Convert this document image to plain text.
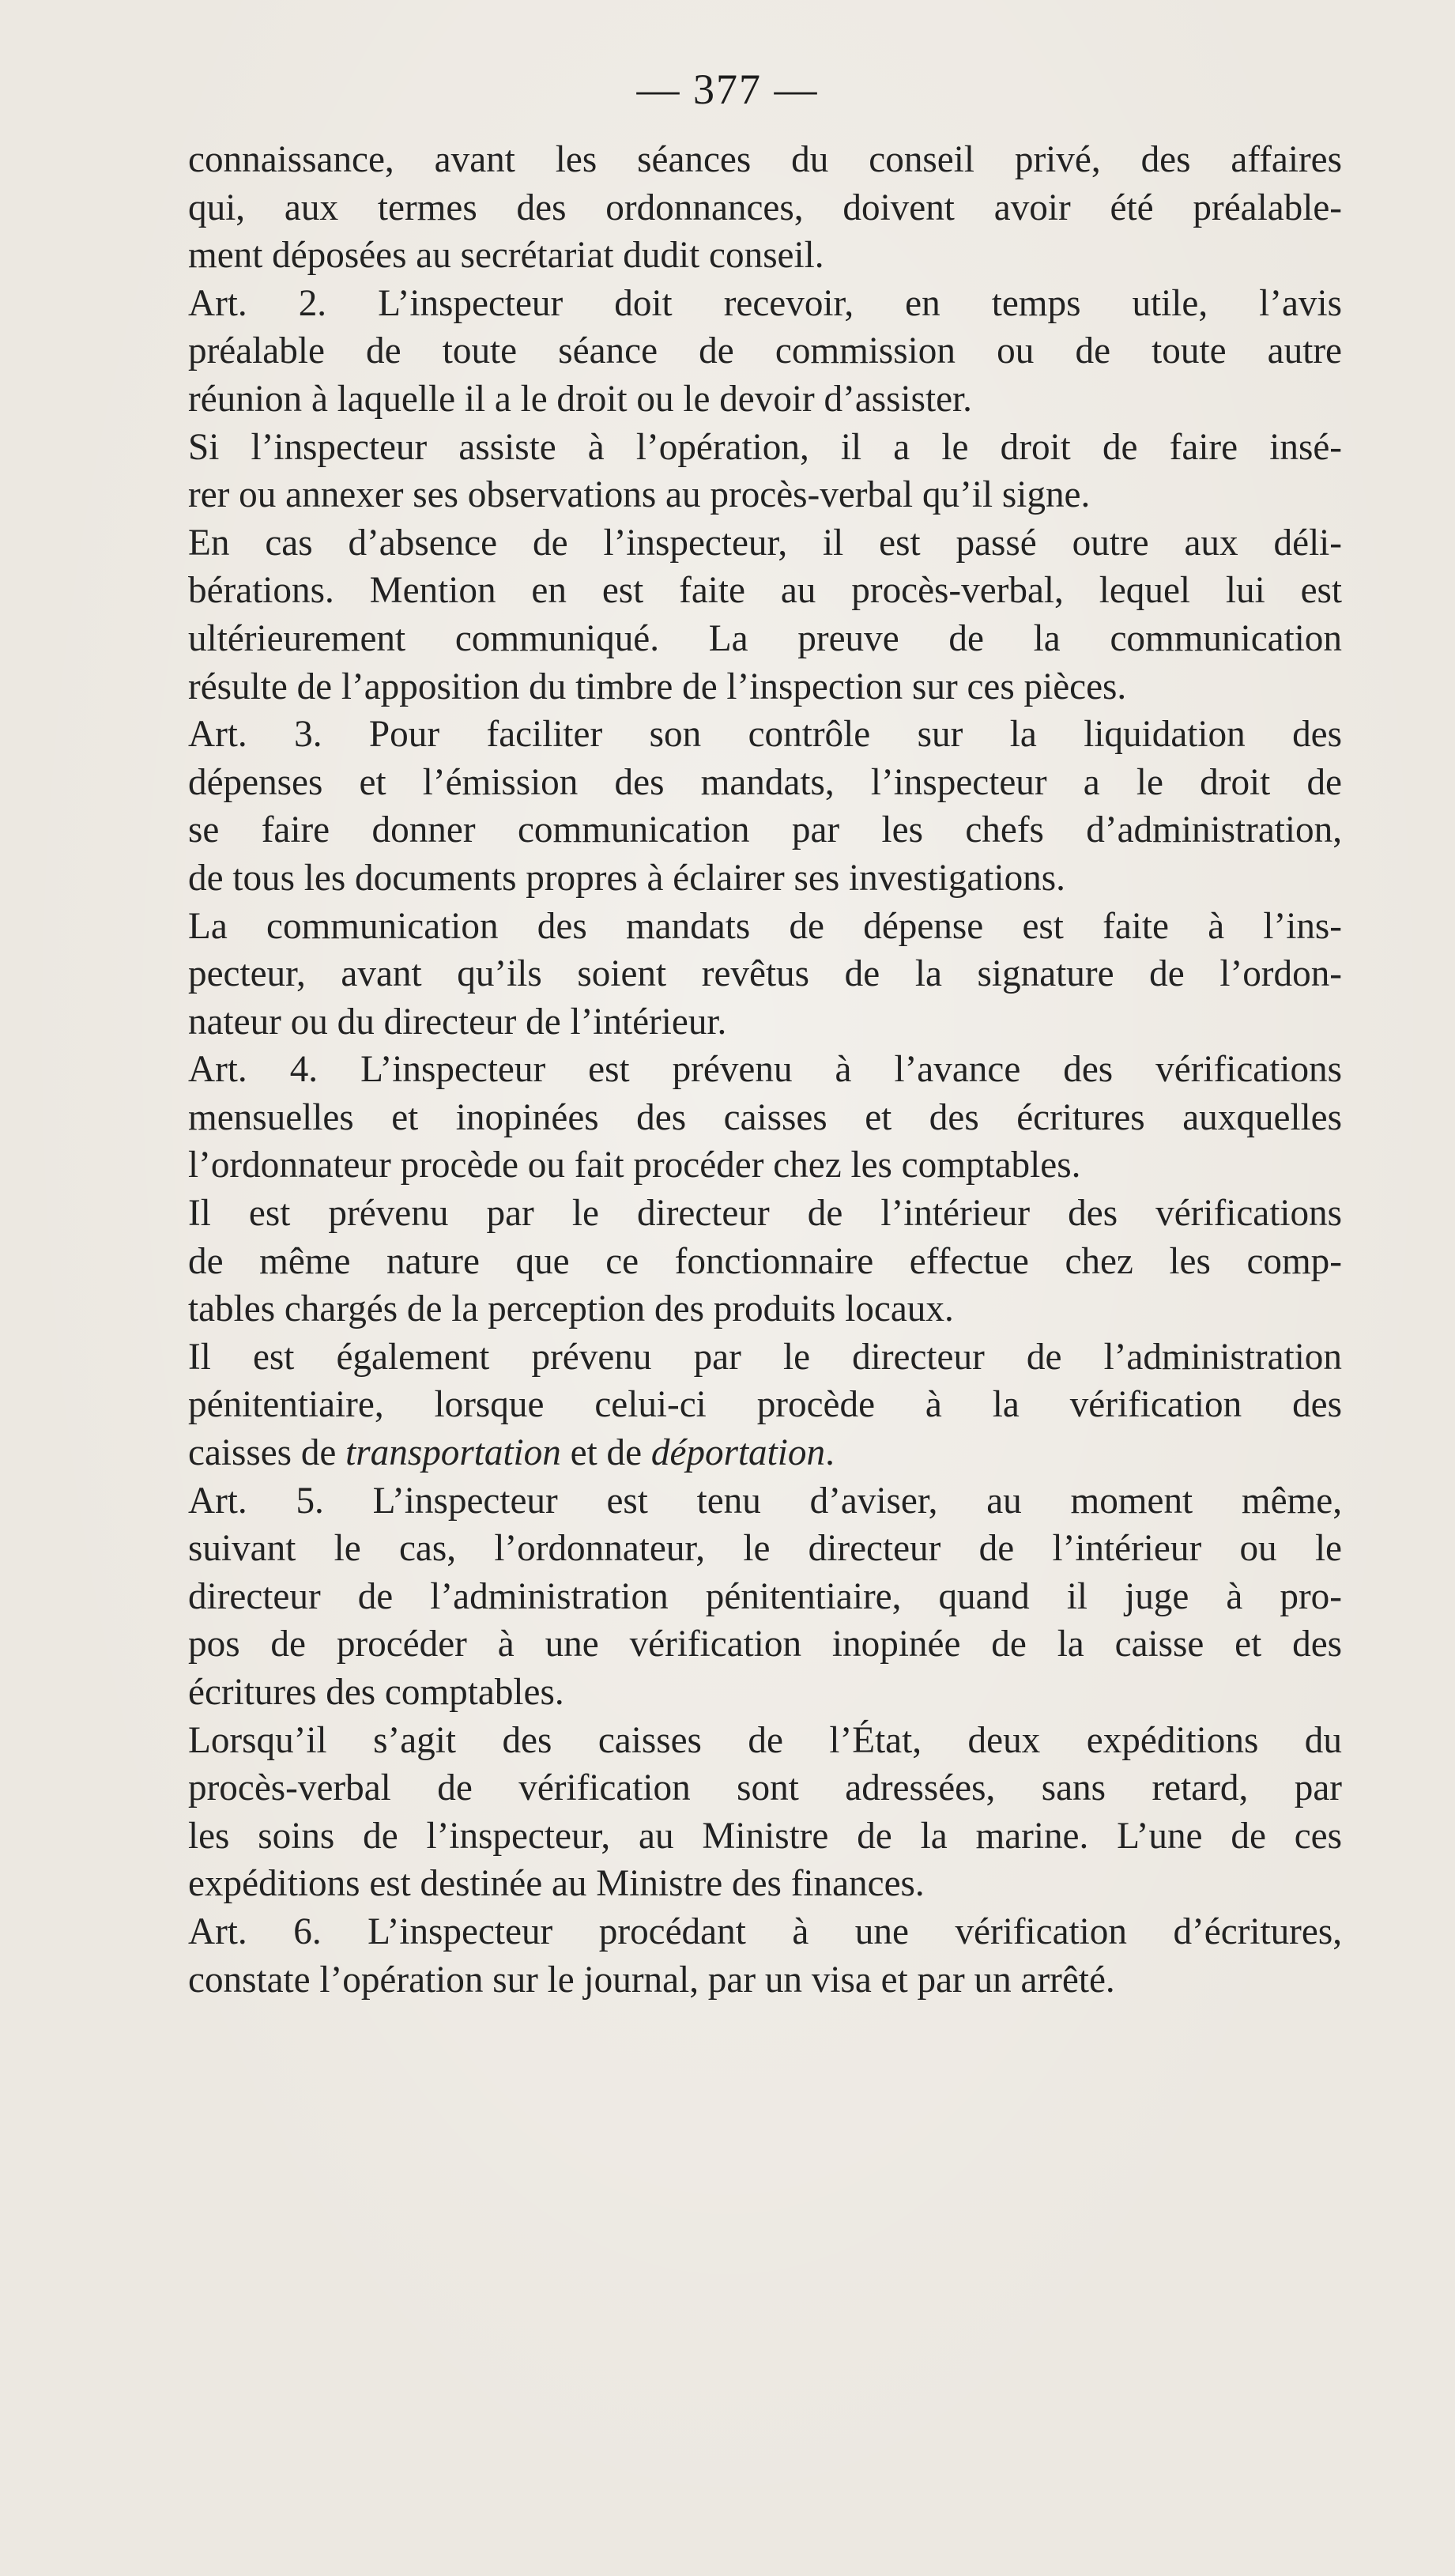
— 377 —
connaissance, avant les séances du conseil privé, des affaires
qui, aux termes des ordonnances, doivent avoir été préalable-
ment déposées au secrétariat dudit conseil.
Art. 2. L’inspecteur doit recevoir, en temps utile, l’avis
préalable de toute séance de commission ou de toute autre
réunion à laquelle il a le droit ou le devoir d’assister.
Si l’inspecteur assiste à l’opération, il a le droit de faire insé-
rer ou annexer ses observations au procès-verbal qu’il signe.
En cas d’absence de l’inspecteur, il est passé outre aux déli-
bérations. Mention en est faite au procès-verbal, lequel lui est
ultérieurement communiqué. La preuve de la communication
résulte de l’apposition du timbre de l’inspection sur ces pièces.
Art. 3. Pour faciliter son contrôle sur la liquidation des
dépenses et l’émission des mandats, l’inspecteur a le droit de
se faire donner communication par les chefs d’administration,
de tous les documents propres à éclairer ses investigations.
La communication des mandats de dépense est faite à l’ins-
pecteur, avant qu’ils soient revêtus de la signature de l’ordon-
nateur ou du directeur de l’intérieur.
Art. 4. L’inspecteur est prévenu à l’avance des vérifications
mensuelles et inopinées des caisses et des écritures auxquelles
l’ordonnateur procède ou fait procéder chez les comptables.
Il est prévenu par le directeur de l’intérieur des vérifications
de même nature que ce fonctionnaire effectue chez les comp-
tables chargés de la perception des produits locaux.
Il est également prévenu par le directeur de l’administration
pénitentiaire, lorsque celui-ci procède à la vérification des
caisses de transportation et de déportation.
Art. 5. L’inspecteur est tenu d’aviser, au moment même,
suivant le cas, l’ordonnateur, le directeur de l’intérieur ou le
directeur de l’administration pénitentiaire, quand il juge à pro-
pos de procéder à une vérification inopinée de la caisse et des
écritures des comptables.
Lorsqu’il s’agit des caisses de l’État, deux expéditions du
procès-verbal de vérification sont adressées, sans retard, par
les soins de l’inspecteur, au Ministre de la marine. L’une de ces
expéditions est destinée au Ministre des finances.
Art. 6. L’inspecteur procédant à une vérification d’écritures,
constate l’opération sur le journal, par un visa et par un arrêté.
